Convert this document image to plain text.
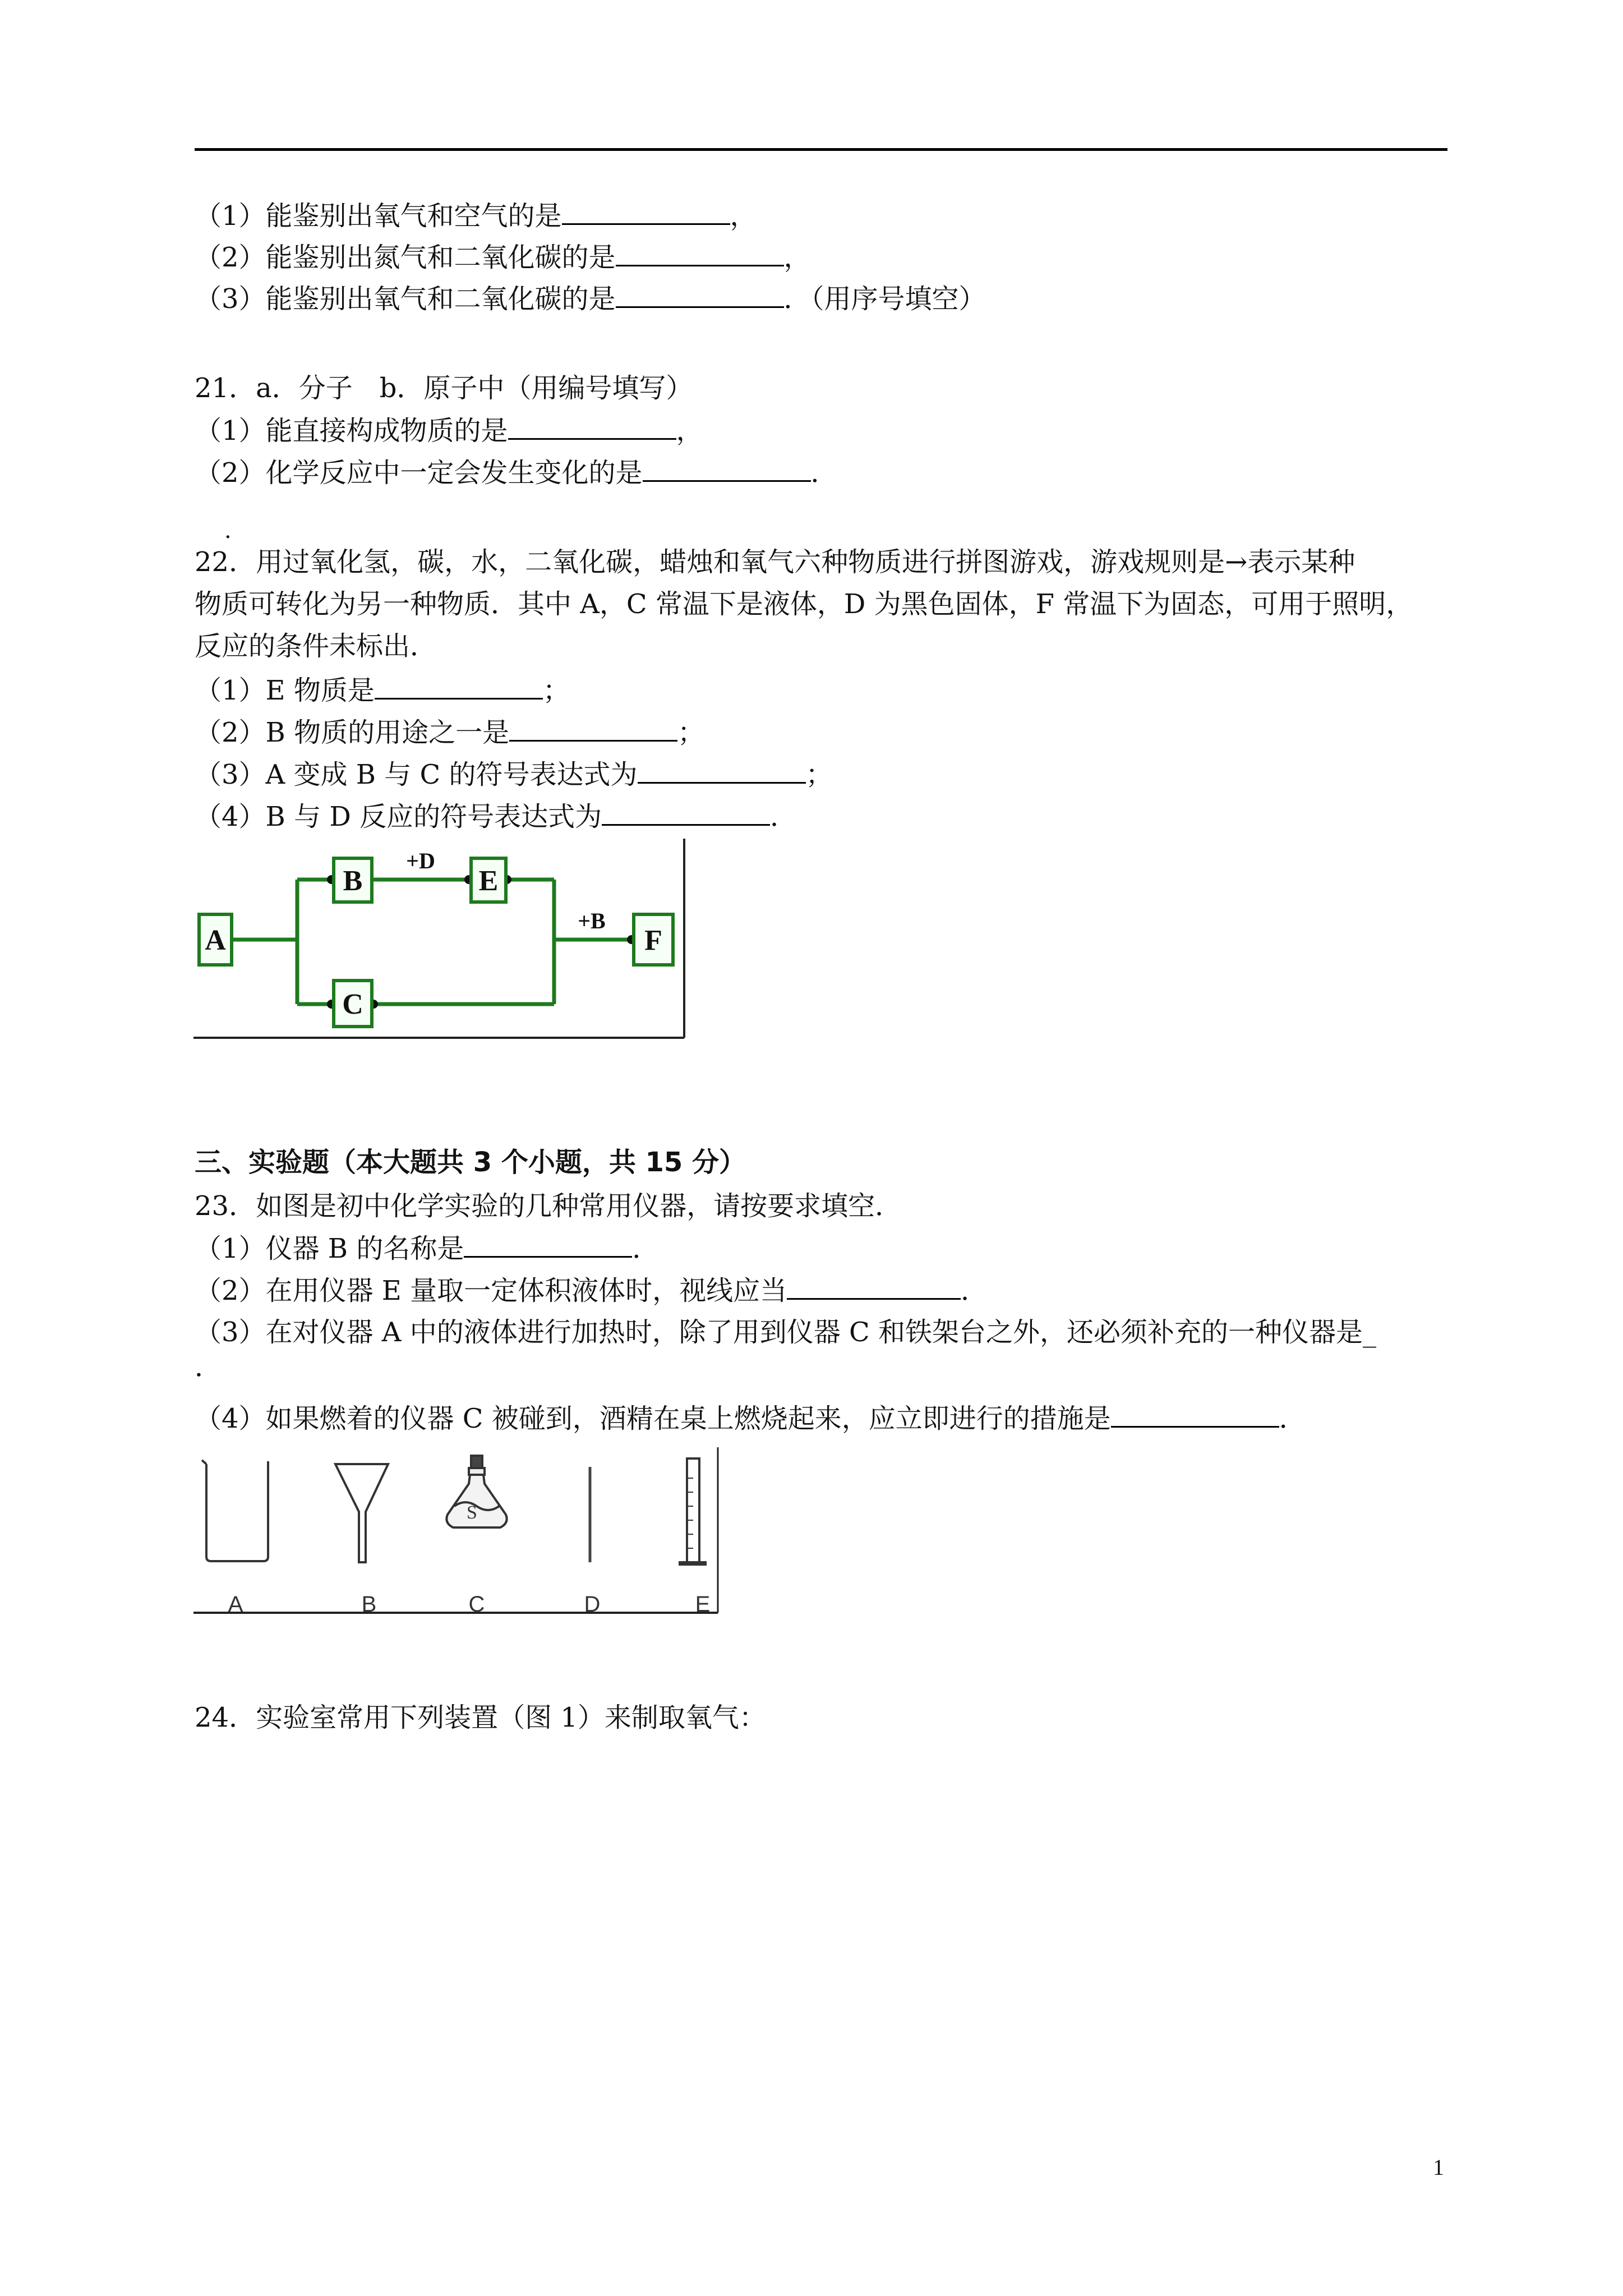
（1）能鉴别出氧气和空气的是	，
（2）能鉴别出氮气和二氧化碳的是	，
（3）能鉴别出氧气和二氧化碳的是	．（用序号填空）
21．a．分子　b．原子中（用编号填写）
（1）能直接构成物质的是	，
（2）化学反应中一定会发生变化的是	．
·
22．用过氧化氢，碳，水，二氧化碳，蜡烛和氧气六种物质进行拼图游戏，游戏规则是→表示某种
物质可转化为另一种物质．其中 A，C 常温下是液体，D 为黑色固体，F 常温下为固态，可用于照明，
反应的条件未标出．
（1）E 物质是	；
（2）B 物质的用途之一是	；
（3）A 变成 B 与 C 的符号表达式为	；
（4）B 与 D 反应的符号表达式为	．
A
B
C
E
F
+D
+B
三、实验题（本大题共 3 个小题，共 15 分）
23．如图是初中化学实验的几种常用仪器，请按要求填空．
（1）仪器 B 的名称是	．
（2）在用仪器 E 量取一定体积液体时，视线应当	．
（3）在对仪器 A 中的液体进行加热时，除了用到仪器 C 和铁架台之外，还必须补充的一种仪器是_
．
（4）如果燃着的仪器 C 被碰到，酒精在桌上燃烧起来，应立即进行的措施是	．
S
A	B	C	D	E
24．实验室常用下列装置（图 1）来制取氧气：
1
